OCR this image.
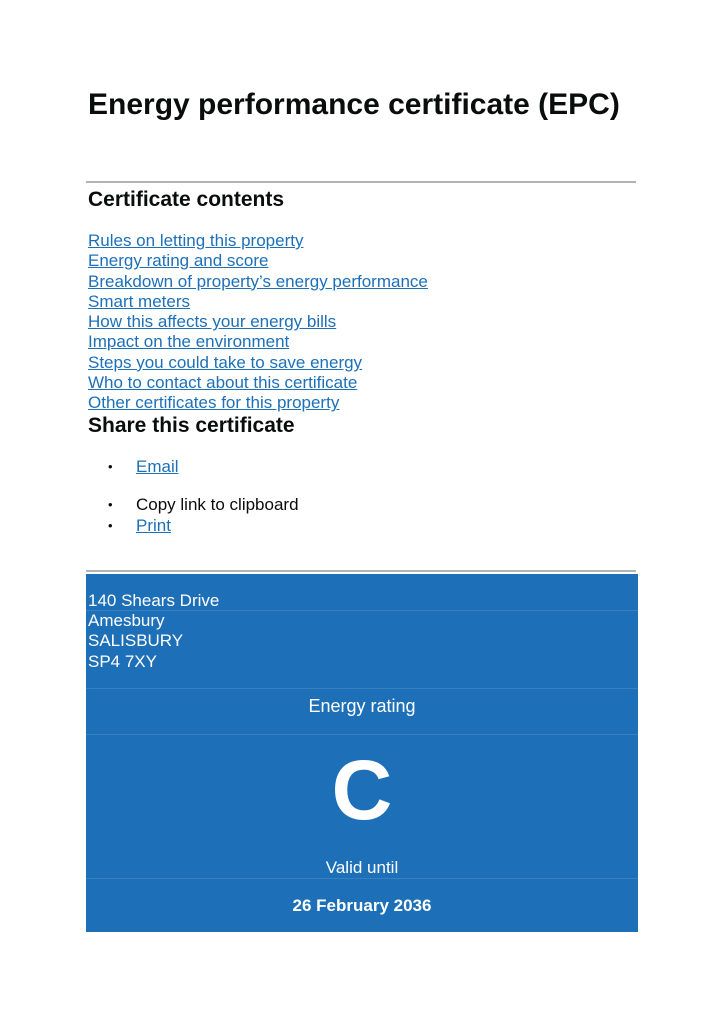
Energy performance certificate (EPC)
Certificate contents
Rules on letting this property
Energy rating and score
Breakdown of property’s energy performance
Smart meters
How this affects your energy bills
Impact on the environment
Steps you could take to save energy
Who to contact about this certificate
Other certificates for this property
Share this certificate
• Email
• Copy link to clipboard
• Print
140 Shears Drive
Amesbury
SALISBURY
SP4 7XY
Energy rating
C
Valid until
26 February 2036
